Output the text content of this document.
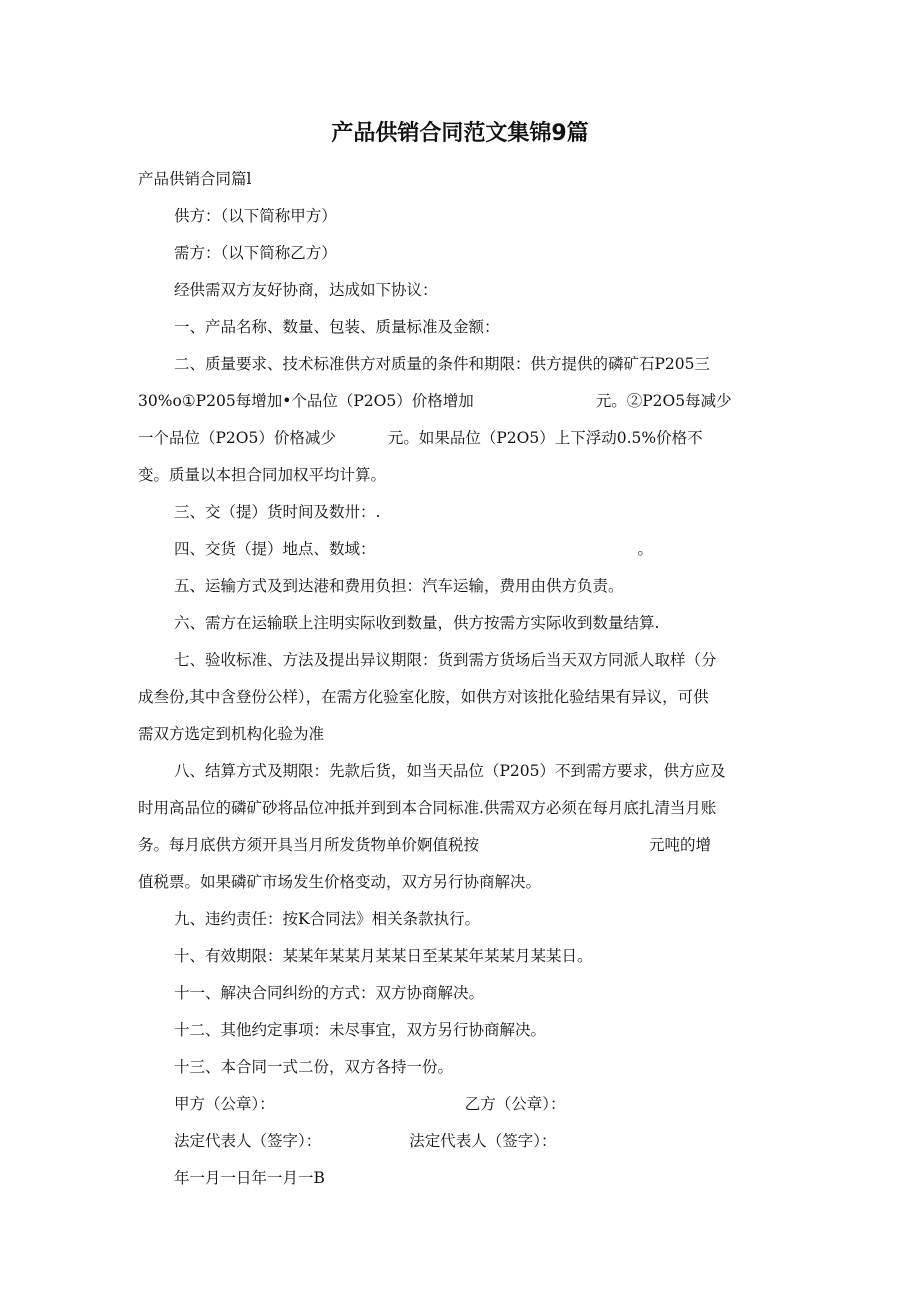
产品供销合同范文集锦9篇
产品供销合同篇l
供方：（以下简称甲方）
需方：（以下简称乙方）
经供需双方友好协商，达成如下协议：
一、产品名称、数量、包装、质量标准及金额：
二、质量要求、技术标准供方对质量的条件和期限：供方提供的磷矿石P205三
30%o①P205每增加•个品位（P2O5）价格增加	元。②P2O5每减少
一个品位（P2O5）价格减少	元。如果品位（P2O5）上下浮动0.5%价格不
变。质量以本担合同加权平均计算。
三、交（提）货时间及数卅：.
四、交货（提）地点、数域：	。
五、运输方式及到达港和费用负担：汽车运输，费用由供方负责。
六、需方在运输联上注明实际收到数量，供方按需方实际收到数量结算.
七、验收标准、方法及提出异议期限：货到需方货场后当天双方同派人取样（分
成叁份,其中含登份公样），在需方化验室化胺，如供方对该批化验结果有异议，可供
需双方选定到机构化验为准
八、结算方式及期限：先款后货，如当天品位（P205）不到需方要求，供方应及
时用高品位的磷矿砂将品位冲抵并到到本合同标准.供需双方必须在每月底扎清当月账
务。每月底供方须开具当月所发货物单价婀值税按	元吨的增
值税票。如果磷矿市场发生价格变动，双方另行协商解决。
九、违约责任：按K合同法》相关条款执行。
十、有效期限：某某年某某月某某日至某某年某某月某某日。
十一、解决合同纠纷的方式：双方协商解决。
十二、其他约定事项：未尽事宜，双方另行协商解决。
十三、本合同一式二份，双方各持一份。
甲方（公章）：	乙方（公章）：
法定代表人（签字）：	法定代表人（签字）：
年一月一日年一月一B
